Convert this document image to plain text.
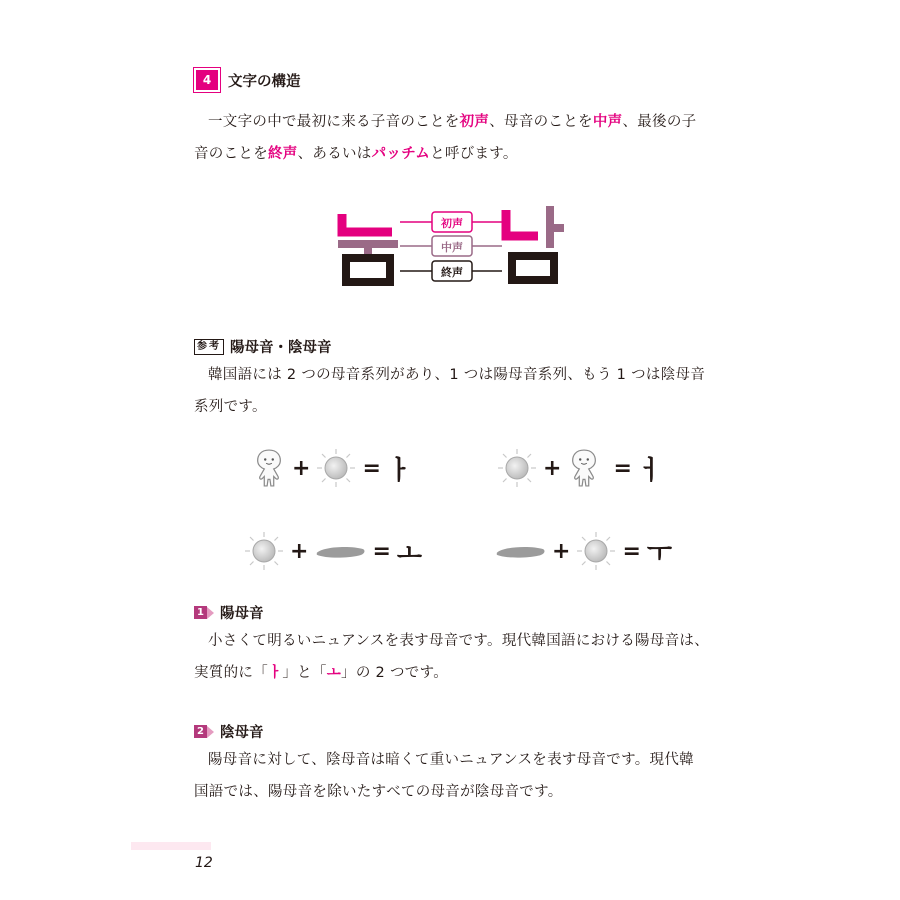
4	文字の構造
一文字の中で最初に来る子音のことを初声、母音のことを中声、最後の子
音のことを終声、あるいはパッチムと呼びます。
初声
中声
終声
参考 陽母音・陰母音
韓国語には 2 つの母音系列があり、1 つは陽母音系列、もう 1 つは陰母音
系列です。
+ = ㅏ	+ = ㅓ
+	= ㅗ	+ = ㅜ
1 陽母音
小さくて明るいニュアンスを表す母音です。現代韓国語における陽母音は、
実質的に「ㅏ」と「ㅗ」の 2 つです。
2 陰母音
陽母音に対して、陰母音は暗くて重いニュアンスを表す母音です。現代韓
国語では、陽母音を除いたすべての母音が陰母音です。
12
